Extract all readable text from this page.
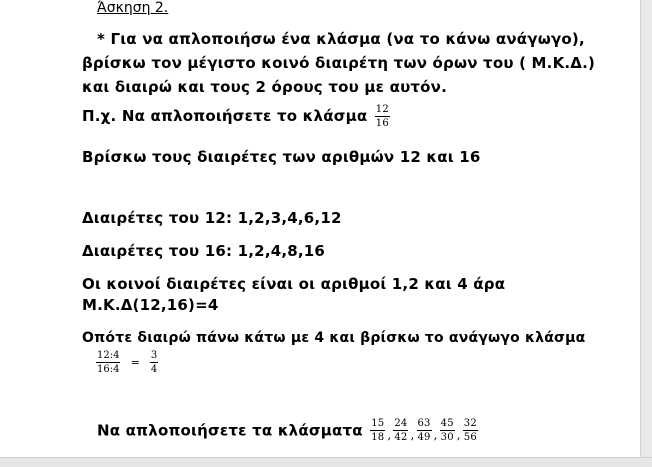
Άσκηση 2.
* Για να απλοποιήσω ένα κλάσμα (να το κάνω ανάγωγο),
βρίσκω τον μέγιστο κοινό διαιρέτη των όρων του ( Μ.Κ.Δ.)
και διαιρώ και τους 2 όρους του με αυτόν.
Π.χ. Να απλοποιήσετε το κλάσμα $\frac{12}{16}$
Βρίσκω τους διαιρέτες των αριθμών 12 και 16
Διαιρέτες του 12: 1,2,3,4,6,12
Διαιρέτες του 16: 1,2,4,8,16
Οι κοινοί διαιρέτες είναι οι αριθμοί 1,2 και 4 άρα
Μ.Κ.Δ(12,16)=4
Οπότε διαιρώ πάνω κάτω με 4 και βρίσκω το ανάγωγο κλάσμα
$\frac{12:4}{16:4} = \frac{3}{4}$
Να απλοποιήσετε τα κλάσματα $\frac{15}{18} _, \frac{24}{42} _, \frac{63}{49} _, \frac{45}{30} _, \frac{32}{56}$
